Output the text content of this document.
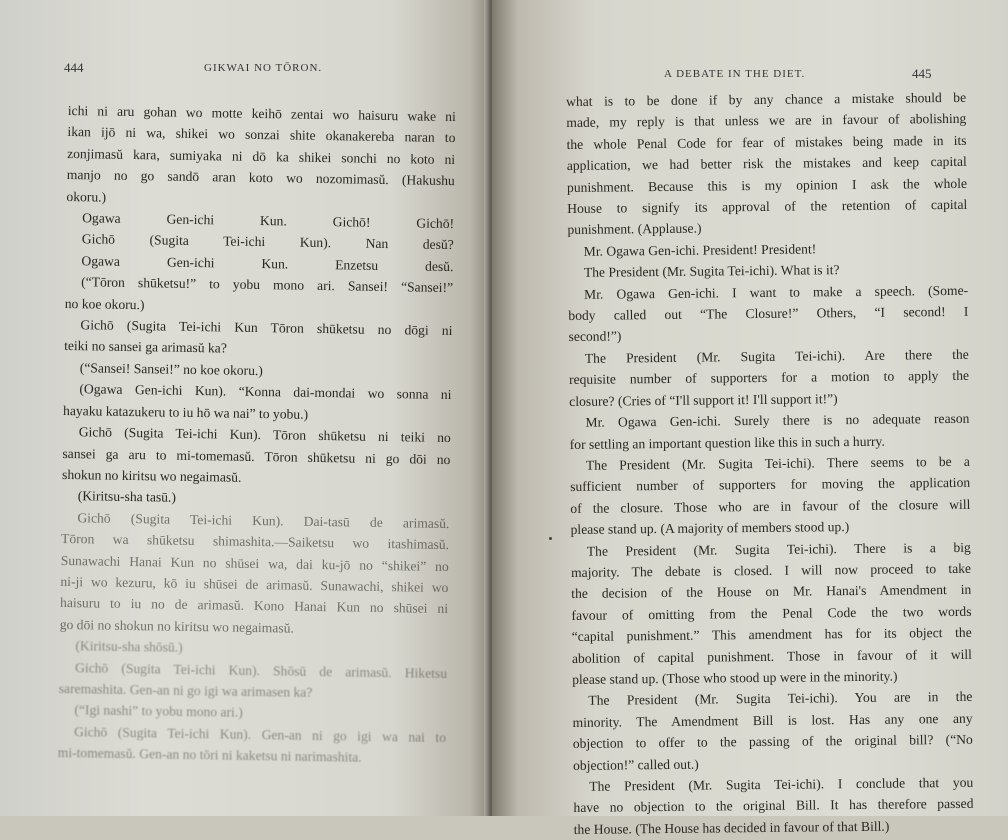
444	GIKWAI NO TŌRON.
ichi ni aru gohan wo motte keihō zentai wo haisuru wake ni
ikan ijō ni wa, shikei wo sonzai shite okanakereba naran to
zonjimasŭ kara, sumiyaka ni dō ka shikei sonchi no koto ni
manjo no go sandō aran koto wo nozomimasŭ. (Hakushu
okoru.)
Ogawa Gen-ichi Kun. Gichō! Gichō!
Gichō (Sugita Tei-ichi Kun). Nan desŭ?
Ogawa Gen-ichi Kun. Enzetsu desŭ.
(“Tōron shūketsu!” to yobu mono ari. Sansei! “Sansei!”
no koe okoru.)
Gichō (Sugita Tei-ichi Kun Tōron shūketsu no dōgi ni
teiki no sansei ga arimasŭ ka?
(“Sansei! Sansei!” no koe okoru.)
(Ogawa Gen-ichi Kun). “Konna dai-mondai wo sonna ni
hayaku katazukeru to iu hō wa nai” to yobu.)
Gichō (Sugita Tei-ichi Kun). Tōron shūketsu ni teiki no
sansei ga aru to mi-tomemasŭ. Tōron shūketsu ni go dōi no
shokun no kiritsu wo negaimasŭ.
(Kiritsu-sha tasū.)
Gichō (Sugita Tei-ichi Kun). Dai-tasū de arimasŭ.
Tōron wa shūketsu shimashita.—Saiketsu wo itashimasŭ.
Sunawachi Hanai Kun no shūsei wa, dai ku-jō no “shikei” no
ni-ji wo kezuru, kō iu shūsei de arimasŭ. Sunawachi, shikei wo
haisuru to iu no de arimasŭ. Kono Hanai Kun no shūsei ni
go dōi no shokun no kiritsu wo negaimasŭ.
(Kiritsu-sha shōsū.)
Gichō (Sugita Tei-ichi Kun). Shōsū de arimasŭ. Hiketsu
saremashita. Gen-an ni go igi wa arimasen ka?
(“Igi nashi” to yobu mono ari.)
Gichō (Sugita Tei-ichi Kun). Gen-an ni go igi wa nai to
mi-tomemasŭ. Gen-an no tōri ni kaketsu ni narimashita.
A DEBATE IN THE DIET.	445
what is to be done if by any chance a mistake should be
made, my reply is that unless we are in favour of abolishing
the whole Penal Code for fear of mistakes being made in its
application, we had better risk the mistakes and keep capital
punishment. Because this is my opinion I ask the whole
House to signify its approval of the retention of capital
punishment. (Applause.)
Mr. Ogawa Gen-ichi. President! President!
The President (Mr. Sugita Tei-ichi). What is it?
Mr. Ogawa Gen-ichi. I want to make a speech. (Some-
body called out “The Closure!” Others, “I second! I
second!”)
The President (Mr. Sugita Tei-ichi). Are there the
requisite number of supporters for a motion to apply the
closure? (Cries of “I'll support it! I'll support it!”)
Mr. Ogawa Gen-ichi. Surely there is no adequate reason
for settling an important question like this in such a hurry.
The President (Mr. Sugita Tei-ichi). There seems to be a
sufficient number of supporters for moving the application
of the closure. Those who are in favour of the closure will
please stand up. (A majority of members stood up.)
The President (Mr. Sugita Tei-ichi). There is a big
majority. The debate is closed. I will now proceed to take
the decision of the House on Mr. Hanai's Amendment in
favour of omitting from the Penal Code the two words
“capital punishment.” This amendment has for its object the
abolition of capital punishment. Those in favour of it will
please stand up. (Those who stood up were in the minority.)
The President (Mr. Sugita Tei-ichi). You are in the
minority. The Amendment Bill is lost. Has any one any
objection to offer to the passing of the original bill? (“No
objection!” called out.)
The President (Mr. Sugita Tei-ichi). I conclude that you
have no objection to the original Bill. It has therefore passed
the House. (The House has decided in favour of that Bill.)
